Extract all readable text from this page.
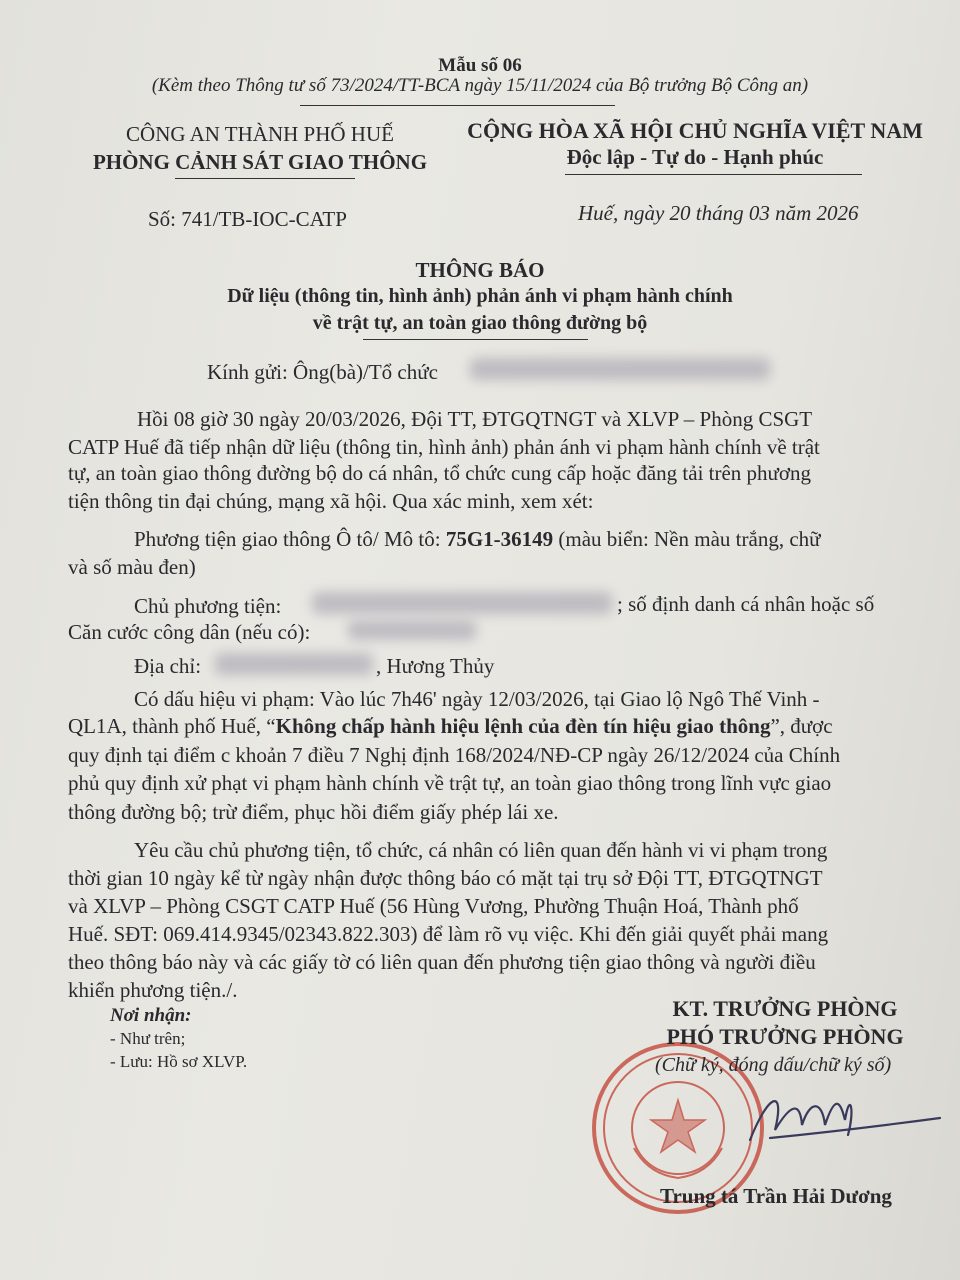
Mẫu số 06
(Kèm theo Thông tư số 73/2024/TT-BCA ngày 15/11/2024 của Bộ trưởng Bộ Công an)
CÔNG AN THÀNH PHỐ HUẾ
PHÒNG CẢNH SÁT GIAO THÔNG
Số: 741/TB-IOC-CATP
CỘNG HÒA XÃ HỘI CHỦ NGHĨA VIỆT NAM
Độc lập - Tự do - Hạnh phúc
Huế, ngày 20 tháng 03 năm 2026
THÔNG BÁO
Dữ liệu (thông tin, hình ảnh) phản ánh vi phạm hành chính
về trật tự, an toàn giao thông đường bộ
Kính gửi: Ông(bà)/Tổ chức
Hồi 08 giờ 30 ngày 20/03/2026, Đội TT, ĐTGQTNGT và XLVP – Phòng CSGT
CATP Huế đã tiếp nhận dữ liệu (thông tin, hình ảnh) phản ánh vi phạm hành chính về trật
tự, an toàn giao thông đường bộ do cá nhân, tổ chức cung cấp hoặc đăng tải trên phương
tiện thông tin đại chúng, mạng xã hội. Qua xác minh, xem xét:
Phương tiện giao thông Ô tô/ Mô tô: 75G1-36149 (màu biển: Nền màu trắng, chữ
và số màu đen)
Chủ phương tiện:	; số định danh cá nhân hoặc số
Căn cước công dân (nếu có):
Địa chỉ:	, Hương Thủy
Có dấu hiệu vi phạm: Vào lúc 7h46' ngày 12/03/2026, tại Giao lộ Ngô Thế Vinh -
QL1A, thành phố Huế, “Không chấp hành hiệu lệnh của đèn tín hiệu giao thông”, được
quy định tại điểm c khoản 7 điều 7 Nghị định 168/2024/NĐ-CP ngày 26/12/2024 của Chính
phủ quy định xử phạt vi phạm hành chính về trật tự, an toàn giao thông trong lĩnh vực giao
thông đường bộ; trừ điểm, phục hồi điểm giấy phép lái xe.
Yêu cầu chủ phương tiện, tổ chức, cá nhân có liên quan đến hành vi vi phạm trong
thời gian 10 ngày kể từ ngày nhận được thông báo có mặt tại trụ sở Đội TT, ĐTGQTNGT
và XLVP – Phòng CSGT CATP Huế (56 Hùng Vương, Phường Thuận Hoá, Thành phố
Huế. SĐT: 069.414.9345/02343.822.303) để làm rõ vụ việc. Khi đến giải quyết phải mang
theo thông báo này và các giấy tờ có liên quan đến phương tiện giao thông và người điều
khiển phương tiện./.
Nơi nhận:
- Như trên;
- Lưu: Hồ sơ XLVP.
KT. TRƯỞNG PHÒNG
PHÓ TRƯỞNG PHÒNG
(Chữ ký, đóng dấu/chữ ký số)
Trung tá Trần Hải Dương
